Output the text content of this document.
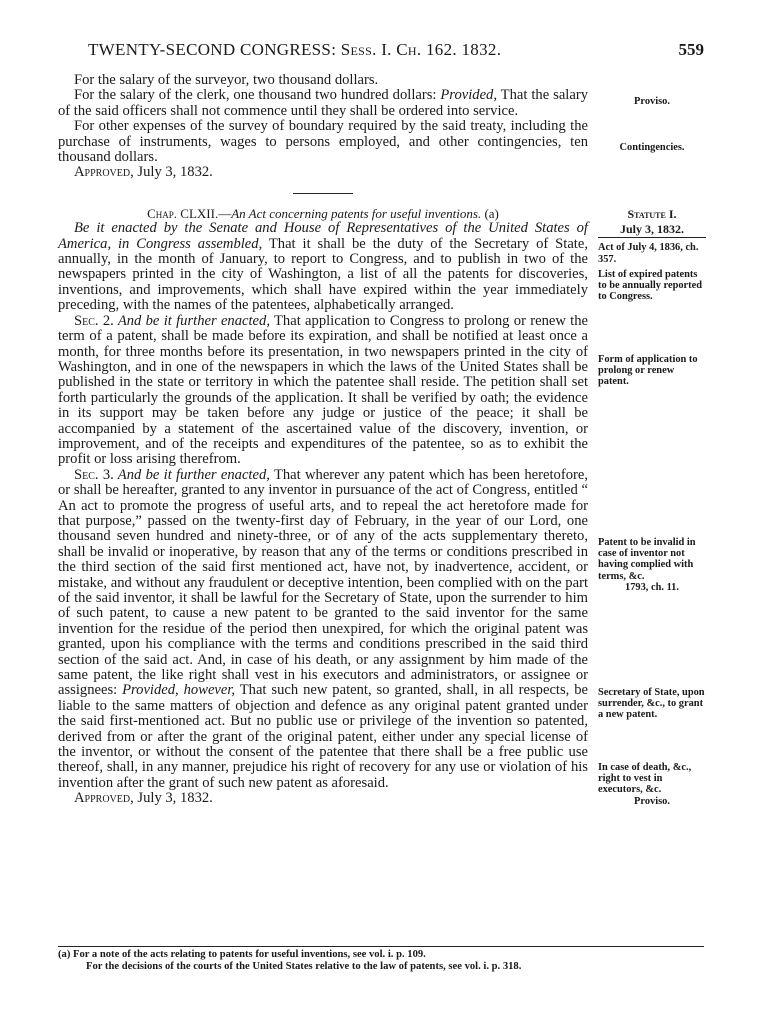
TWENTY-SECOND CONGRESS: Sess. I. Ch. 162. 1832.	559

For the salary of the surveyor, two thousand dollars.

For the salary of the clerk, one thousand two hundred dollars: Provided, That the salary of the said officers shall not commence until they shall be ordered into service.

For other expenses of the survey of boundary required by the said treaty, including the purchase of instruments, wages to persons employed, and other contingencies, ten thousand dollars.

Approved, July 3, 1832.

Chap. CLXII.—An Act concerning patents for useful inventions. (a)

Be it enacted by the Senate and House of Representatives of the United States of America, in Congress assembled, That it shall be the duty of the Secretary of State, annually, in the month of January, to report to Congress, and to publish in two of the newspapers printed in the city of Washington, a list of all the patents for discoveries, inventions, and improvements, which shall have expired within the year immediately preceding, with the names of the patentees, alphabetically arranged.

Sec. 2. And be it further enacted, That application to Congress to prolong or renew the term of a patent, shall be made before its expiration, and shall be notified at least once a month, for three months before its presentation, in two newspapers printed in the city of Washington, and in one of the newspapers in which the laws of the United States shall be published in the state or territory in which the patentee shall reside. The petition shall set forth particularly the grounds of the application. It shall be verified by oath; the evidence in its support may be taken before any judge or justice of the peace; it shall be accompanied by a statement of the ascertained value of the discovery, invention, or improvement, and of the receipts and expenditures of the patentee, so as to exhibit the profit or loss arising therefrom.

Sec. 3. And be it further enacted, That wherever any patent which has been heretofore, or shall be hereafter, granted to any inventor in pursuance of the act of Congress, entitled “ An act to promote the progress of useful arts, and to repeal the act heretofore made for that purpose,” passed on the twenty-first day of February, in the year of our Lord, one thousand seven hundred and ninety-three, or of any of the acts supplementary thereto, shall be invalid or inoperative, by reason that any of the terms or conditions prescribed in the third section of the said first mentioned act, have not, by inadvertence, accident, or mistake, and without any fraudulent or deceptive intention, been complied with on the part of the said inventor, it shall be lawful for the Secretary of State, upon the surrender to him of such patent, to cause a new patent to be granted to the said inventor for the same invention for the residue of the period then unexpired, for which the original patent was granted, upon his compliance with the terms and conditions prescribed in the said third section of the said act. And, in case of his death, or any assignment by him made of the same patent, the like right shall vest in his executors and administrators, or assignee or assignees: Provided, however, That such new patent, so granted, shall, in all respects, be liable to the same matters of objection and defence as any original patent granted under the said first-mentioned act. But no public use or privilege of the invention so patented, derived from or after the grant of the original patent, either under any special license of the inventor, or without the consent of the patentee that there shall be a free public use thereof, shall, in any manner, prejudice his right of recovery for any use or violation of his invention after the grant of such new patent as aforesaid.

Approved, July 3, 1832.

Proviso.

Contingencies.

Statute I.

July 3, 1832.

Act of July 4, 1836, ch. 357.

List of expired patents to be annually reported to Congress.

Form of application to prolong or renew patent.

Patent to be invalid in case of inventor not having complied with terms, &c.

1793, ch. 11.

Secretary of State, upon surrender, &c., to grant a new patent.

In case of death, &c., right to vest in executors, &c.

Proviso.

(a) For a note of the acts relating to patents for useful inventions, see vol. i. p. 109.

For the decisions of the courts of the United States relative to the law of patents, see vol. i. p. 318.
